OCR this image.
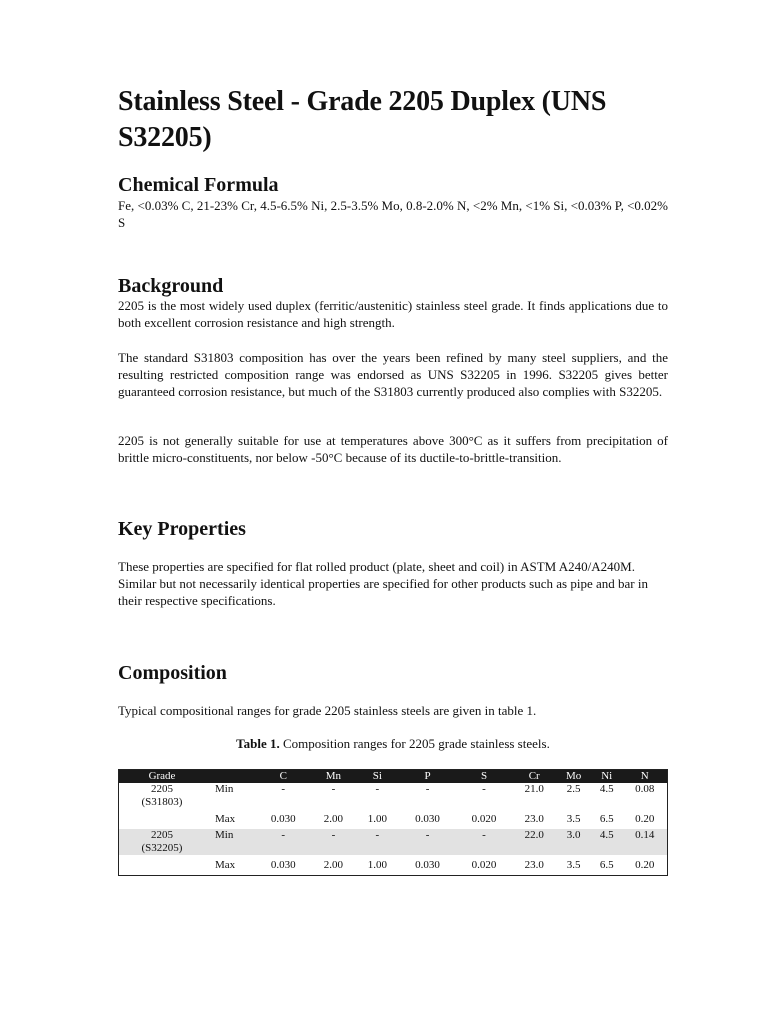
Stainless Steel - Grade 2205 Duplex (UNS S32205)
Chemical Formula

Fe, <0.03% C, 21-23% Cr, 4.5-6.5% Ni, 2.5-3.5% Mo, 0.8-2.0% N, <2% Mn, <1% Si, <0.03% P, <0.02% S

Background

2205 is the most widely used duplex (ferritic/austenitic) stainless steel grade. It finds applications due to both excellent corrosion resistance and high strength.

The standard S31803 composition has over the years been refined by many steel suppliers, and the resulting restricted composition range was endorsed as UNS S32205 in 1996. S32205 gives better guaranteed corrosion resistance, but much of the S31803 currently produced also complies with S32205.

2205 is not generally suitable for use at temperatures above 300°C as it suffers from precipitation of brittle micro-constituents, nor below -50°C because of its ductile-to-brittle-transition.

Key Properties

These properties are specified for flat rolled product (plate, sheet and coil) in ASTM A240/A240M. Similar but not necessarily identical properties are specified for other products such as pipe and bar in their respective specifications.

Composition

Typical compositional ranges for grade 2205 stainless steels are given in table 1.

Table 1. Composition ranges for 2205 grade stainless steels.
Grade		C	Mn	Si	P	S	Cr	Mo	Ni	N

2205
(S31803)	Min	-	-	-	-	-	21.0	2.5	4.5	0.08

	Max	0.030	2.00	1.00	0.030	0.020	23.0	3.5	6.5	0.20

2205
(S32205)	Min	-	-	-	-	-	22.0	3.0	4.5	0.14

	Max	0.030	2.00	1.00	0.030	0.020	23.0	3.5	6.5	0.20
